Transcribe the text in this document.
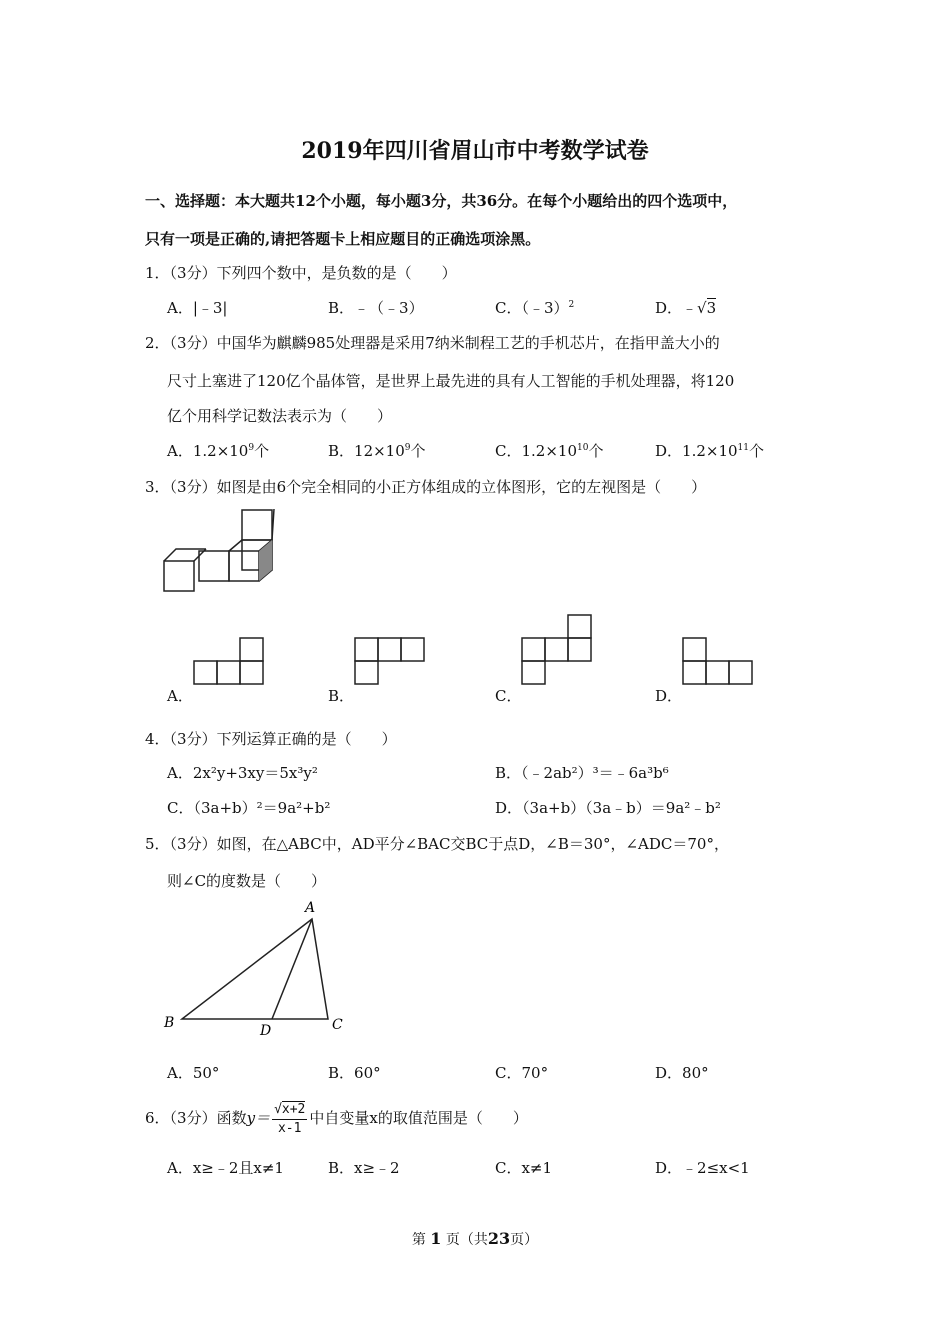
2019年四川省眉山市中考数学试卷
一、选择题：本大题共12个小题，每小题3分，共36分。在每个小题给出的四个选项中，
只有一项是正确的,请把答题卡上相应题目的正确选项涂黑。
1．（3分）下列四个数中，是负数的是（　　）
A．|﹣3|	B．﹣（﹣3）	C．（﹣3）$^2$	D．﹣√3
2．（3分）中国华为麒麟985处理器是采用7纳米制程工艺的手机芯片，在指甲盖大小的
尺寸上塞进了120亿个晶体管，是世界上最先进的具有人工智能的手机处理器，将120
亿个用科学记数法表示为（　　）
A．$1.2\times 10^9$个	B．$12\times 10^9$个	C．$1.2\times 10^{10}$个	D．$1.2\times 10^{11}$个
3．（3分）如图是由6个完全相同的小正方体组成的立体图形，它的左视图是（　　）
A．	B．	C．	D．
4．（3分）下列运算正确的是（　　）
A．2x²y+3xy＝5x³y²	B．（﹣2ab²）³＝﹣6a³b⁶
C．（3a+b）²＝9a²+b²	D．（3a+b）（3a﹣b）＝9a²﹣b²
5．（3分）如图，在△ABC中，AD平分∠BAC交BC于点D，∠B＝30°，∠ADC＝70°，
则∠C的度数是（　　）
A
B	D	C
A．50°	B．60°	C．70°	D．80°
6．（3分）函数$y= \frac{√x+2}{x-1}$ 中自变量x的取值范围是（　　）
A．x≥﹣2且x≠1	B．x≥﹣2	C．x≠1	D．﹣2≤x<1
第 1 页（共23页）
